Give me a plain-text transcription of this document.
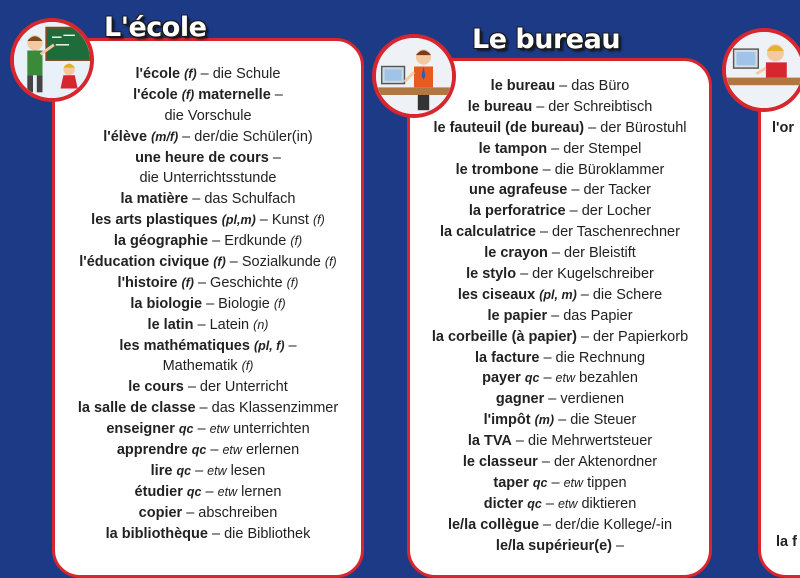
L'école	Le bureau
l'école (f) – die Schule
l'école (f) maternelle –
die Vorschule
l'élève (m/f) – der/die Schüler(in)
une heure de cours –
die Unterrichtsstunde
la matière – das Schulfach
les arts plastiques (pl,m) – Kunst (f)
la géographie – Erdkunde (f)
l'éducation civique (f) – Sozialkunde (f)
l'histoire (f) – Geschichte (f)
la biologie – Biologie (f)
le latin – Latein (n)
les mathématiques (pl, f) –
Mathematik (f)
le cours – der Unterricht
la salle de classe – das Klassenzimmer
enseigner qc – etw unterrichten
apprendre qc – etw erlernen
lire qc – etw lesen
étudier qc – etw lernen
copier – abschreiben
la bibliothèque – die Bibliothek
le bureau – das Büro
le bureau – der Schreibtisch
le fauteuil (de bureau) – der Bürostuhl
le tampon – der Stempel
le trombone – die Büroklammer
une agrafeuse – der Tacker
la perforatrice – der Locher
la calculatrice – der Taschenrechner
le crayon – der Bleistift
le stylo – der Kugelschreiber
les ciseaux (pl, m) – die Schere
le papier – das Papier
la corbeille (à papier) – der Papierkorb
la facture – die Rechnung
payer qc – etw bezahlen
gagner – verdienen
l'impôt (m) – die Steuer
la TVA – die Mehrwertsteuer
le classeur – der Aktenordner
taper qc – etw tippen
dicter qc – etw diktieren
le/la collègue – der/die Kollege/-in
le/la supérieur(e) –
l'or
la f
